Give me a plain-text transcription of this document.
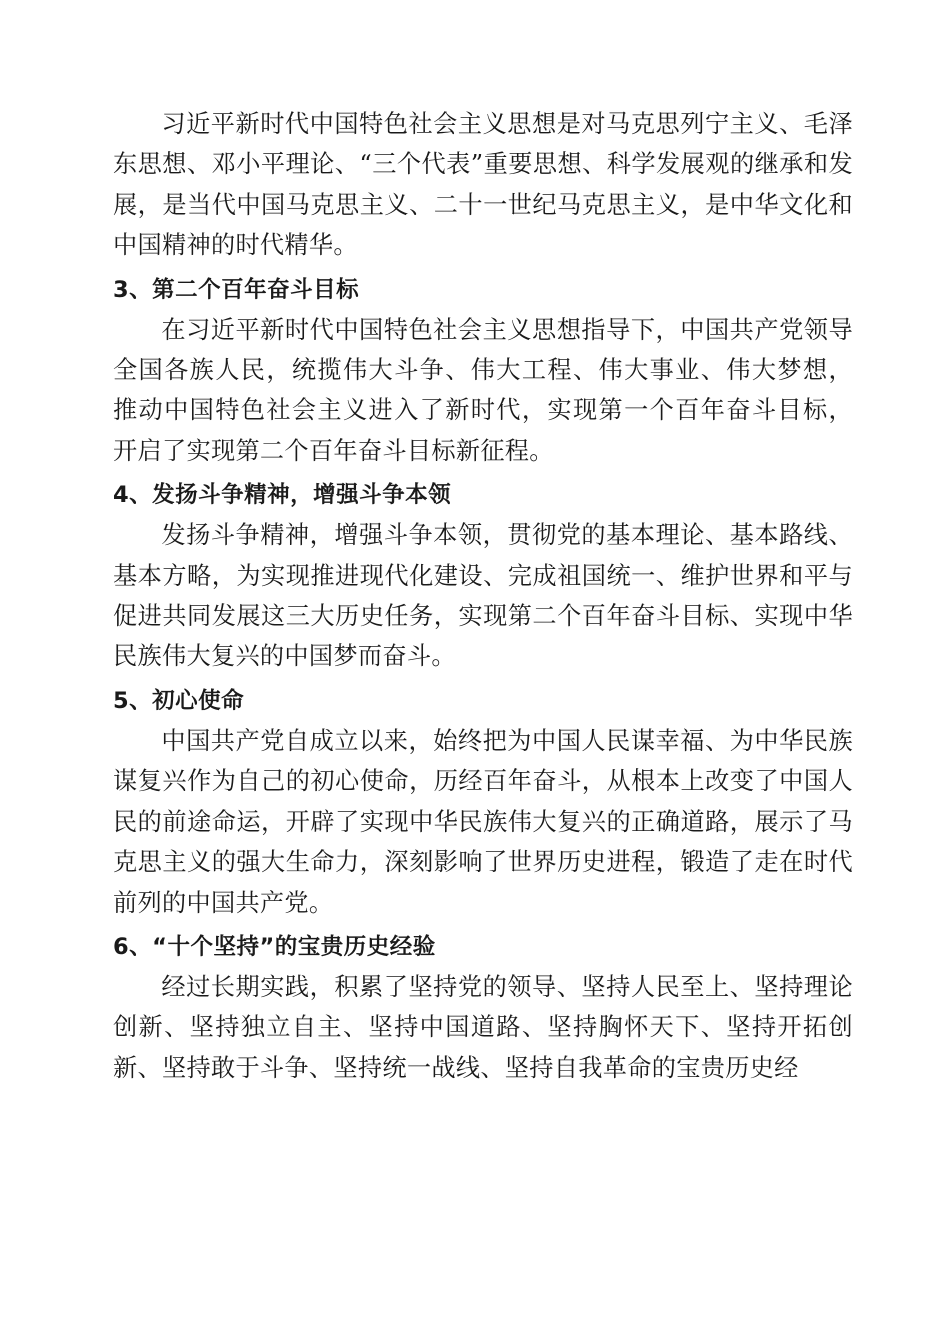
习近平新时代中国特色社会主义思想是对马克思列宁主义、毛泽东思想、邓小平理论、“三个代表”重要思想、科学发展观的继承和发展，是当代中国马克思主义、二十一世纪马克思主义，是中华文化和中国精神的时代精华。

3、第二个百年奋斗目标

在习近平新时代中国特色社会主义思想指导下，中国共产党领导全国各族人民，统揽伟大斗争、伟大工程、伟大事业、伟大梦想， 推动中国特色社会主义进入了新时代，实现第一个百年奋斗目标， 开启了实现第二个百年奋斗目标新征程。

4、发扬斗争精神，增强斗争本领

发扬斗争精神，增强斗争本领，贯彻党的基本理论、基本路线、基本方略，为实现推进现代化建设、完成祖国统一、维护世界和平与促进共同发展这三大历史任务，实现第二个百年奋斗目标、实现中华民族伟大复兴的中国梦而奋斗。

5、初心使命

中国共产党自成立以来，始终把为中国人民谋幸福、为中华民族谋复兴作为自己的初心使命，历经百年奋斗，从根本上改变了中国人民的前途命运，开辟了实现中华民族伟大复兴的正确道路，展示了马克思主义的强大生命力，深刻影响了世界历史进程，锻造了走在时代前列的中国共产党。

6、“十个坚持”的宝贵历史经验

经过长期实践，积累了坚持党的领导、坚持人民至上、坚持理论创新、坚持独立自主、坚持中国道路、坚持胸怀天下、坚持开拓创新、坚持敢于斗争、坚持统一战线、坚持自我革命的宝贵历史经
